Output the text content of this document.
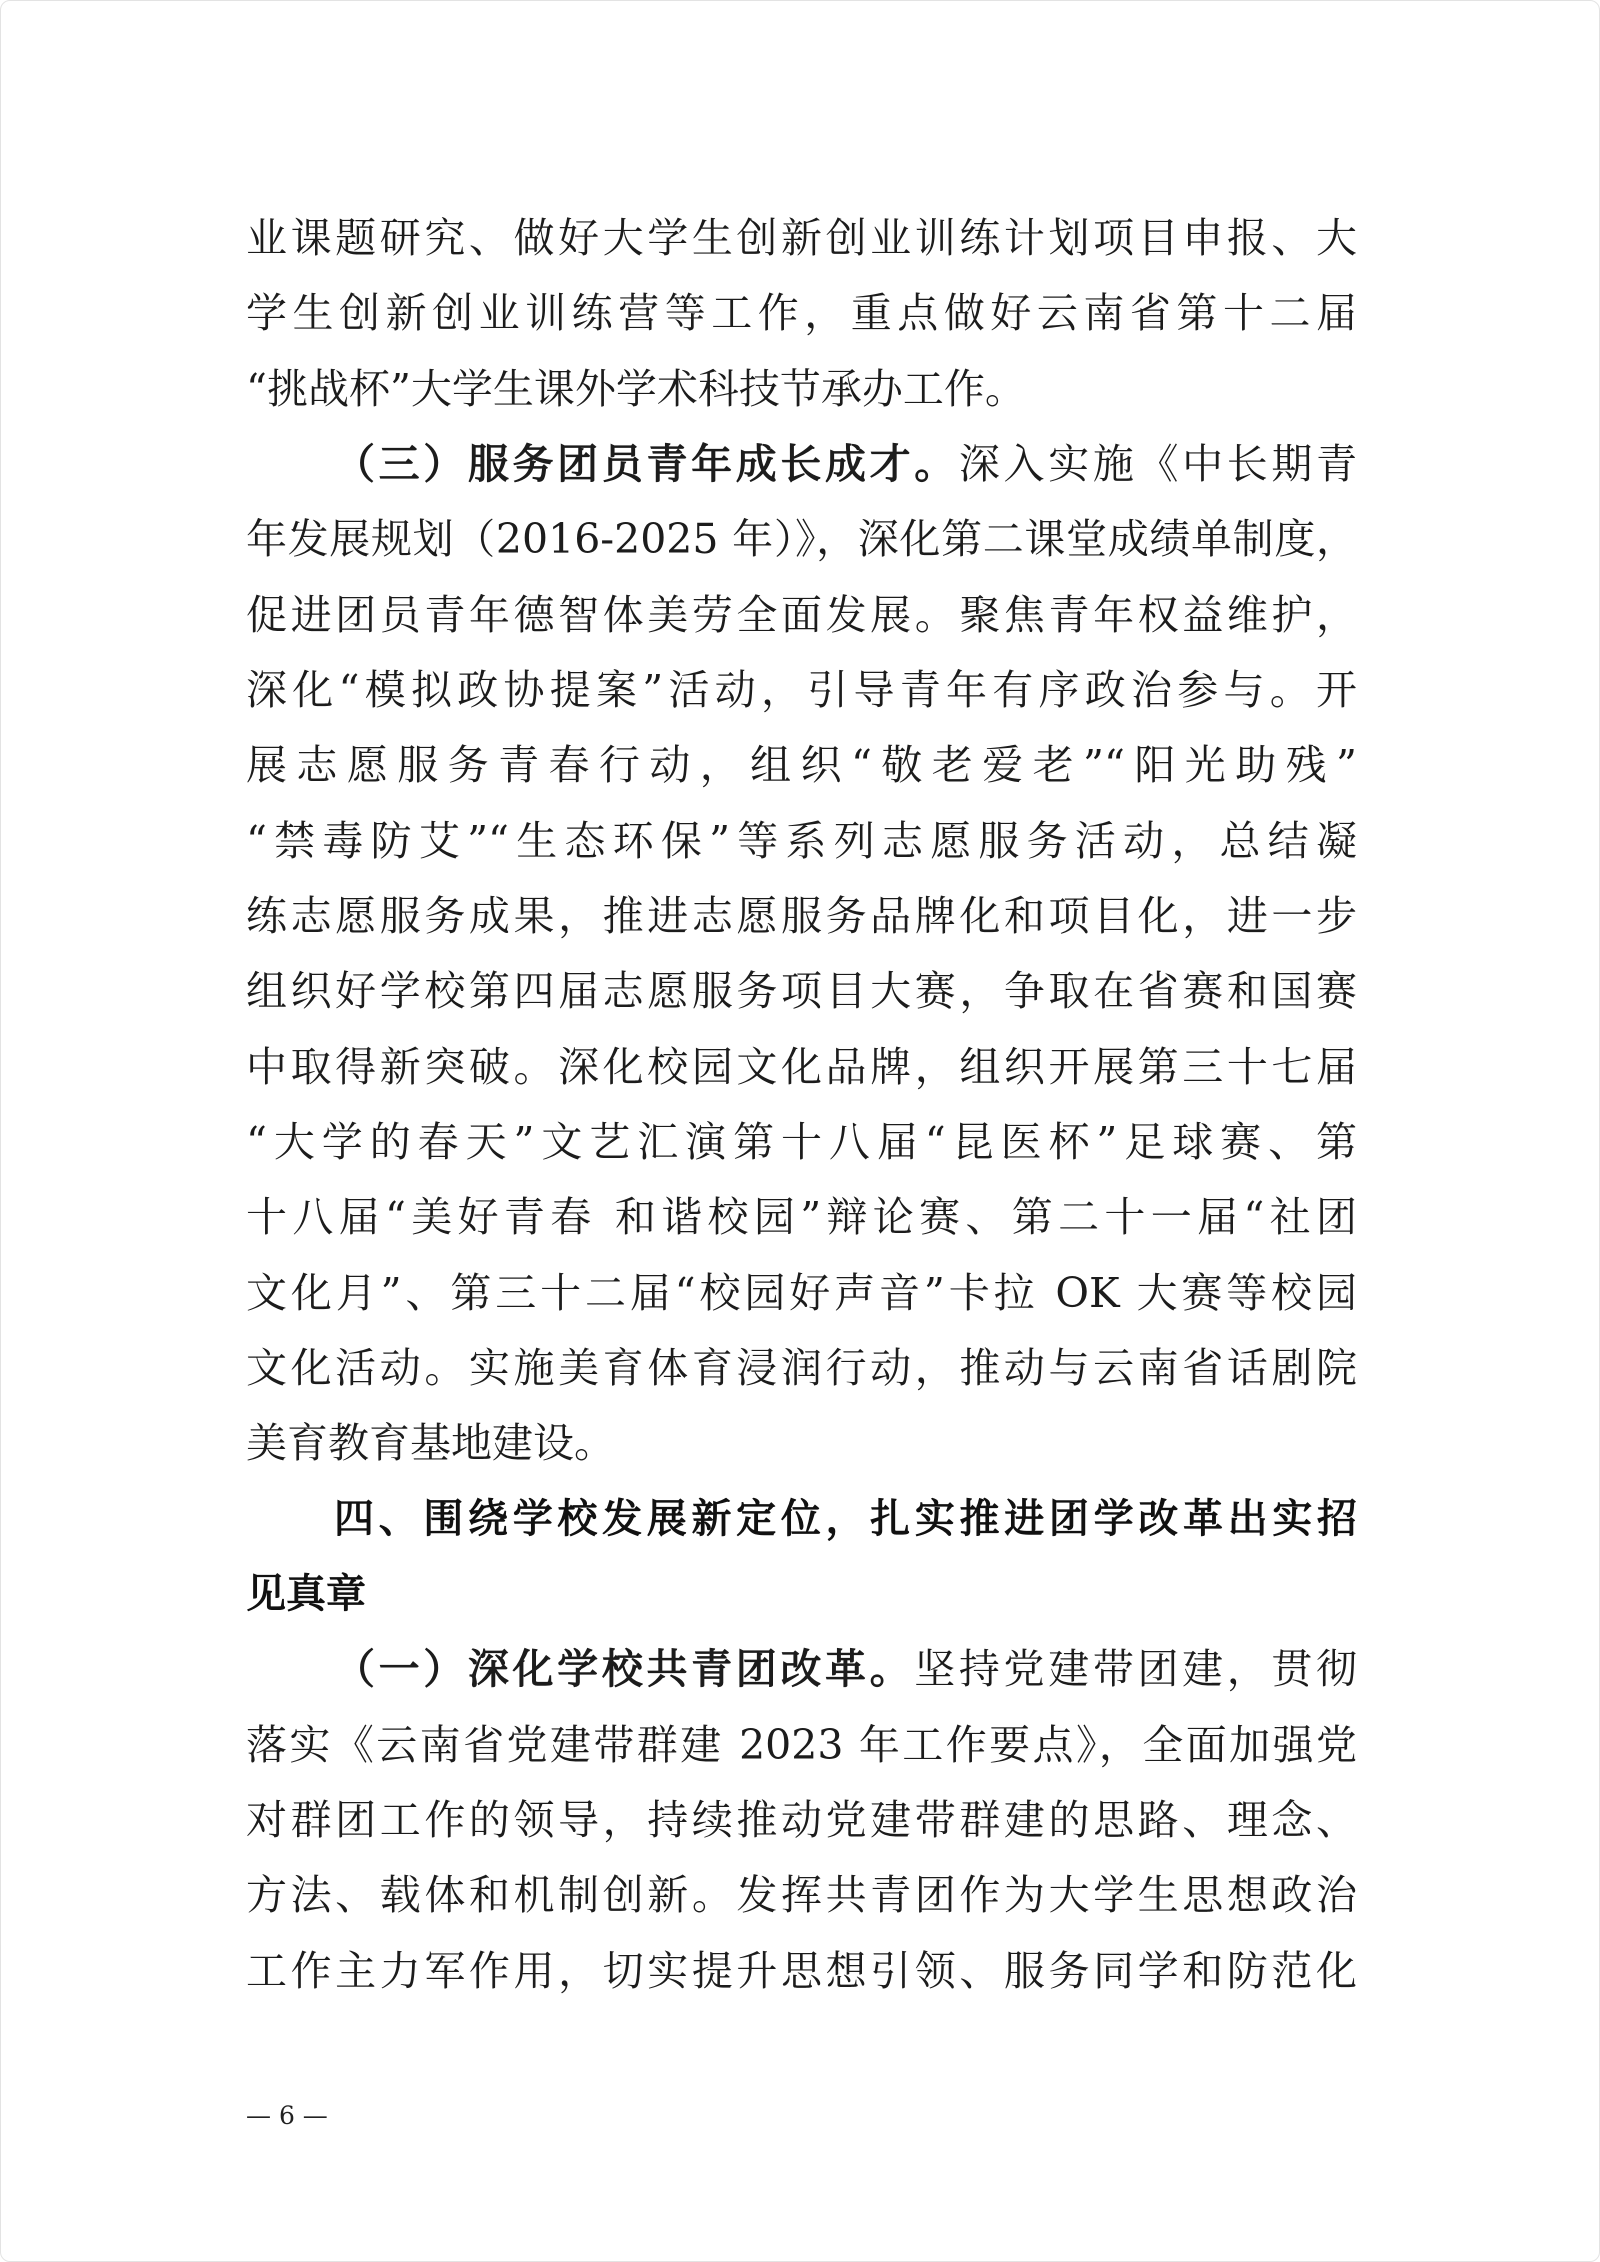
业课题研究、做好大学生创新创业训练计划项目申报、大
学生创新创业训练营等工作，重点做好云南省第十二届
“挑战杯”大学生课外学术科技节承办工作。
（三）服务团员青年成长成才。深入实施《中长期青
年发展规划（2016-2025 年）》，深化第二课堂成绩单制度，
促进团员青年德智体美劳全面发展。聚焦青年权益维护，
深化“模拟政协提案”活动，引导青年有序政治参与。开
展志愿服务青春行动，组织“敬老爱老”“阳光助残”
“禁毒防艾”“生态环保”等系列志愿服务活动，总结凝
练志愿服务成果，推进志愿服务品牌化和项目化，进一步
组织好学校第四届志愿服务项目大赛，争取在省赛和国赛
中取得新突破。深化校园文化品牌，组织开展第三十七届
“大学的春天”文艺汇演第十八届“昆医杯”足球赛、第
十八届“美好青春 和谐校园”辩论赛、第二十一届“社团
文化月”、第三十二届“校园好声音”卡拉 OK 大赛等校园
文化活动。实施美育体育浸润行动，推动与云南省话剧院
美育教育基地建设。
四、围绕学校发展新定位，扎实推进团学改革出实招
见真章
（一）深化学校共青团改革。坚持党建带团建，贯彻
落实《云南省党建带群建 2023 年工作要点》，全面加强党
对群团工作的领导，持续推动党建带群建的思路、理念、
方法、载体和机制创新。发挥共青团作为大学生思想政治
工作主力军作用，切实提升思想引领、服务同学和防范化
— 6 —
